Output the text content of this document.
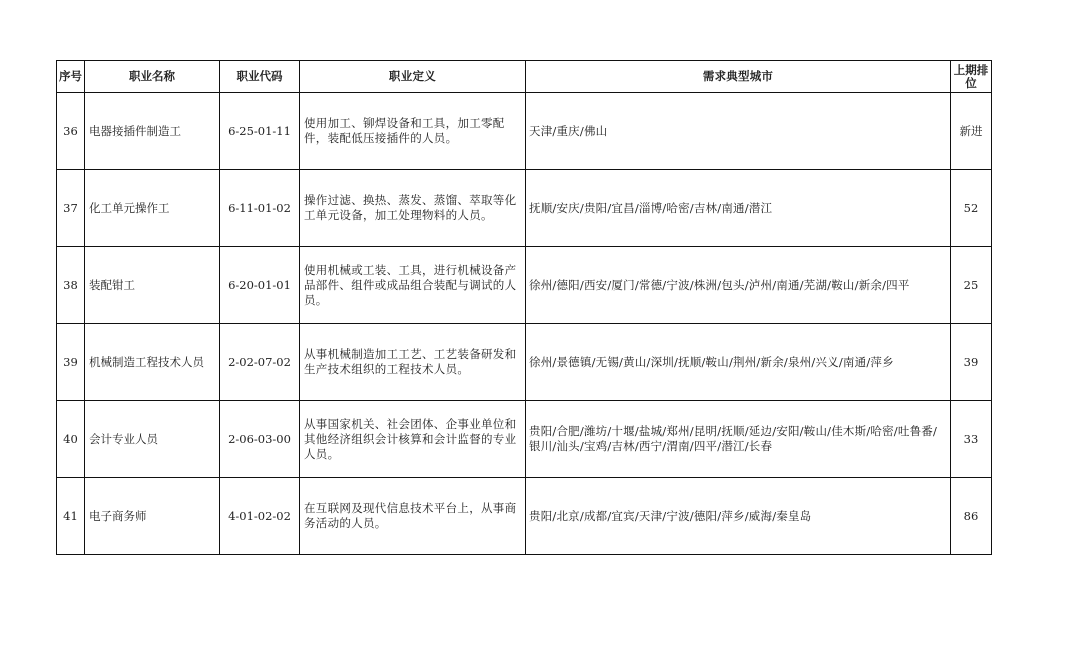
序号	职业名称	职业代码	职业定义	需求典型城市	上期排位
36	电器接插件制造工	6-25-01-11	使用加工、铆焊设备和工具，加工零配件，装配低压接插件的人员。	天津/重庆/佛山	新进
37	化工单元操作工	6-11-01-02	操作过滤、换热、蒸发、蒸馏、萃取等化工单元设备，加工处理物料的人员。	抚顺/安庆/贵阳/宜昌/淄博/哈密/吉林/南通/潜江	52
38	装配钳工	6-20-01-01	使用机械或工装、工具，进行机械设备产品部件、组件或成品组合装配与调试的人员。	徐州/德阳/西安/厦门/常德/宁波/株洲/包头/泸州/南通/芜湖/鞍山/新余/四平	25
39	机械制造工程技术人员	2-02-07-02	从事机械制造加工工艺、工艺装备研发和生产技术组织的工程技术人员。	徐州/景德镇/无锡/黄山/深圳/抚顺/鞍山/荆州/新余/泉州/兴义/南通/萍乡	39
40	会计专业人员	2-06-03-00	从事国家机关、社会团体、企事业单位和其他经济组织会计核算和会计监督的专业人员。	贵阳/合肥/潍坊/十堰/盐城/郑州/昆明/抚顺/延边/安阳/鞍山/佳木斯/哈密/吐鲁番/银川/汕头/宝鸡/吉林/西宁/渭南/四平/潜江/长春	33
41	电子商务师	4-01-02-02	在互联网及现代信息技术平台上，从事商务活动的人员。	贵阳/北京/成都/宜宾/天津/宁波/德阳/萍乡/威海/秦皇岛	86
